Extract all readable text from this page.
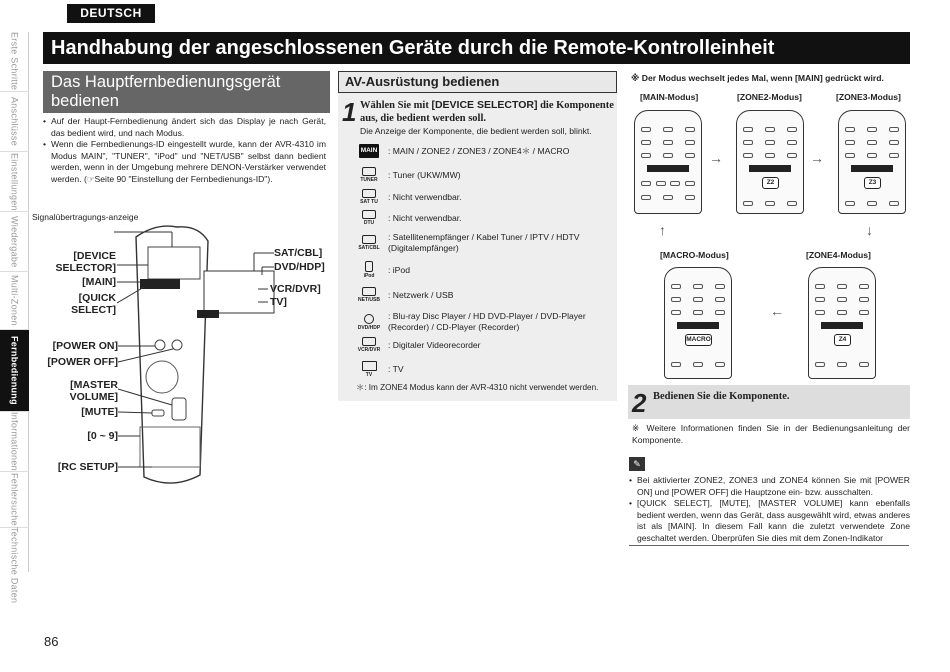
DEUTSCH
Erste Schritte
Anschlüsse
Einstellungen
Wiedergabe
Multi-Zonen
Fernbedienung
Informationen
Fehlersuche
Technische Daten
Handhabung der angeschlossenen Geräte durch die Remote-Kontrolleinheit
Das Hauptfernbedienungsgerät
bedienen
• Auf der Haupt-Fernbedienung ändert sich das Display je nach Gerät, das bedient wird, und nach Modus.
• Wenn die Fernbedienungs-ID eingestellt wurde, kann der AVR-4310 im Modus MAIN", "TUNER", "iPod" und "NET/USB" selbst dann bedient werden, wenn in der Umgebung mehrere DENON-Verstärker verwendet werden. (☞Seite 90 "Einstellung der Fernbedienungs-ID").
Signalübertragungs-anzeige
[DEVICE SELECTOR]
[MAIN]
[QUICK SELECT]
[POWER ON]
[POWER OFF]
[MASTER VOLUME]
[MUTE]
[0 ~ 9]
[RC SETUP]
SAT/CBL]
DVD/HDP]
VCR/DVR]
TV]
AV-Ausrüstung bedienen
1 Wählen Sie mit [DEVICE SELECTOR] die Komponente aus, die bedient werden soll.
Die Anzeige der Komponente, die bedient werden soll, blinkt.
MAIN : MAIN / ZONE2 / ZONE3 / ZONE4＊ / MACRO
TUNER
: Tuner (UKW/MW)
SAT TU
: Nicht verwendbar.
DTU
: Nicht verwendbar.
SAT/CBL
: Satellitenempfänger / Kabel Tuner / IPTV / HDTV (Digitalempfänger)
iPod
: iPod
NET/USB
: Netzwerk / USB
DVD/HDP
: Blu-ray Disc Player / HD DVD-Player / DVD-Player (Recorder) / CD-Player (Recorder)
VCR/DVR
: Digitaler Videorecorder
TV
: TV
＊: Im ZONE4 Modus kann der AVR-4310 nicht verwendet werden.
※ Der Modus wechselt jedes Mal, wenn [MAIN] gedrückt wird.
[MAIN-Modus]	[ZONE2-Modus]	[ZONE3-Modus]
Z2	Z3
→	→
↓
↑
←
[MACRO-Modus]	[ZONE4-Modus]
MACRO	Z4
2 Bedienen Sie die Komponente.
※ Weitere Informationen finden Sie in der Bedienungsanleitung der Komponente.
✎
• Bei aktivierter ZONE2, ZONE3 und ZONE4 können Sie mit [POWER ON] und [POWER OFF] die Hauptzone ein- bzw. ausschalten.
• [QUICK SELECT], [MUTE], [MASTER VOLUME] kann ebenfalls bedient werden, wenn das Gerät, dass ausgewählt wird, etwas anderes ist als [MAIN]. In diesem Fall kann die zuletzt verwendete Zone geschaltet werden. Überprüfen Sie dies mit dem Zonen-Indikator
86
